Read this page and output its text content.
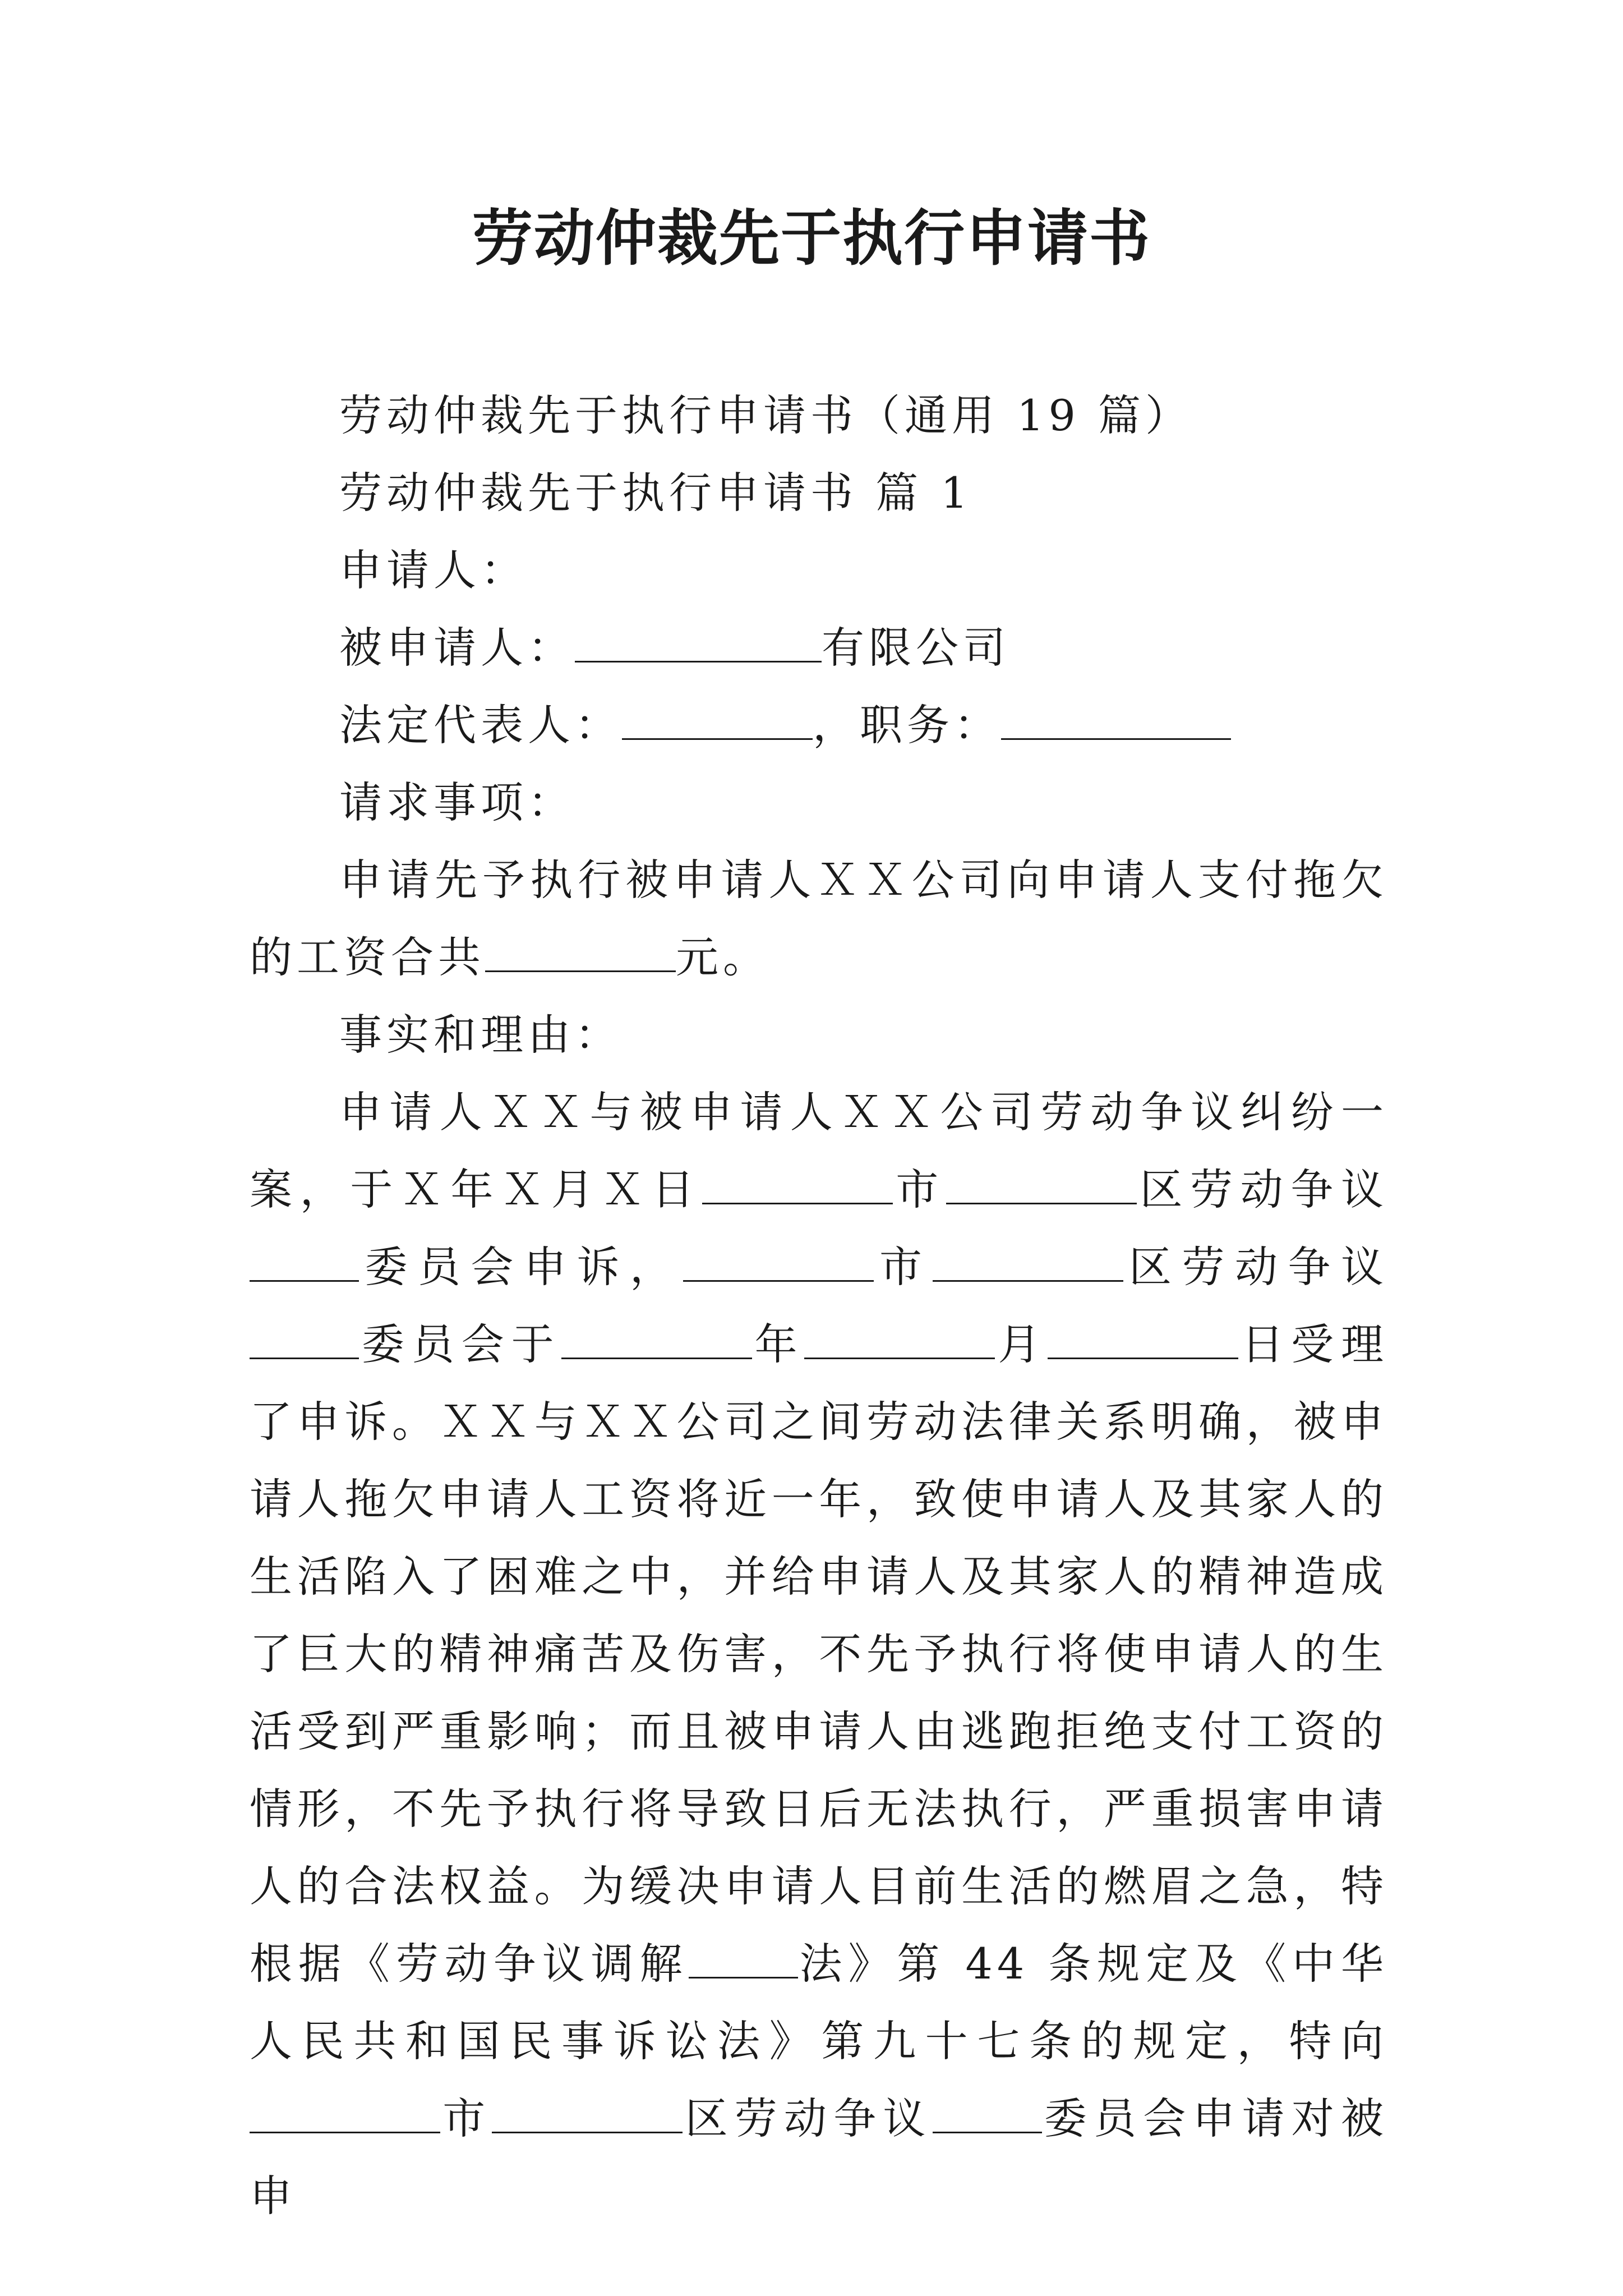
劳动仲裁先于执行申请书

劳动仲裁先于执行申请书（通用 19 篇）

劳动仲裁先于执行申请书 篇 1

申请人：

被申请人：	有限公司

法定代表人：	，职务：

请求事项：

申请先予执行被申请人ＸＸ公司向申请人支付拖欠的工资合共	元。

事实和理由：

申请人ＸＸ与被申请人ＸＸ公司劳动争议纠纷一案，于Ｘ年Ｘ月Ｘ日	市	区劳动争议委员会申诉，	市	区劳动争议委员会于	年	月	日受理了申诉。ＸＸ与ＸＸ公司之间劳动法律关系明确，被申请人拖欠申请人工资将近一年，致使申请人及其家人的生活陷入了困难之中，并给申请人及其家人的精神造成了巨大的精神痛苦及伤害，不先予执行将使申请人的生活受到严重影响；而且被申请人由逃跑拒绝支付工资的情形，不先予执行将导致日后无法执行，严重损害申请人的合法权益。为缓决申请人目前生活的燃眉之急，特根据《劳动争议调解	法》第 44 条规定及《中华人民共和国民事诉讼法》第九十七条的规定，特向市	区劳动争议	委员会申请对被申
